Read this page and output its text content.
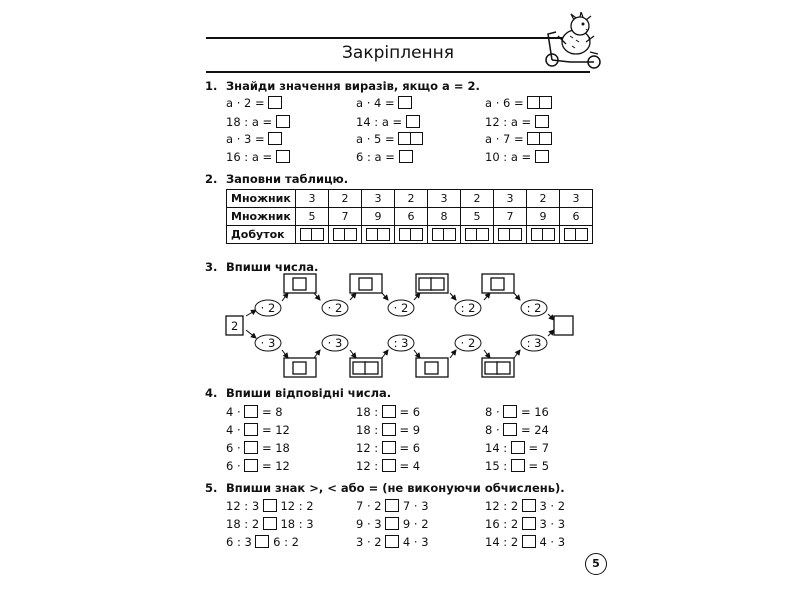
Закріплення
1. Знайди значення виразів, якщо а = 2.
а · 2 =
18 : а =
а · 3 =
16 : а =
а · 4 =
14 : а =
а · 5 =
6 : а =
а · 6 =
12 : а =
а · 7 =
10 : а =
2. Заповни таблицю.
Множник	3	2	3	2	3	2	3	2	3
Множник	5	7	9	6	8	5	7	9	6
Добуток	

3. Впиши числа.
2
· 2	· 2	· 2	: 2	: 2
· 3	· 3	: 3	· 2	: 3
4. Впиши відповідні числа.
4 · = 8
4 · = 12
6 · = 18
6 · = 12
18 : = 6
18 : = 9
12 : = 6
12 : = 4
8 · = 16
8 · = 24
14 : = 7
15 : = 5
5. Впиши знак >, < або = (не виконуючи обчислень).
12 : 3 12 : 2
18 : 2 18 : 3
6 : 3 6 : 2
7 · 2 7 · 3
9 · 3 9 · 2
3 · 2 4 · 3
12 : 2 3 · 2
16 : 2 3 · 3
14 : 2 4 · 3
5
